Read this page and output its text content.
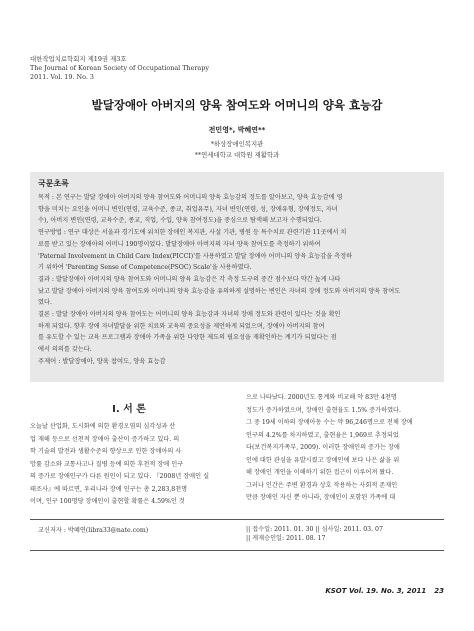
대한작업치료학회지 제19권 제3호
The Journal of Korean Society of Occupational Therapy
2011. Vol. 19. No. 3
발달장애아 아버지의 양육 참여도와 어머니의 양육 효능감
전민영*, 박혜연**
*하상장애인복지관
**연세대학교 대학원 재활학과
국문초록
목적 : 본 연구는 발달 장애아 아버지의 양육 참여도와 어머니의 양육 효능감의 정도를 알아보고, 양육 효능감에 영
향을 미치는 요인을 어머니 변인(연령, 교육수준, 종교, 취업유무), 자녀 변인(연령, 성, 장애유형, 장애정도, 자녀
수), 아버지 변인(연령, 교육수준, 종교, 직업, 수입, 양육 참여정도)을 중심으로 탐색해 보고자 수행되었다.
연구방법 : 연구 대상은 서울과 경기도에 위치한 장애인 복지관, 사설 기관, 병원 등 특수치료 관련기관 11곳에서 치
료를 받고 있는 장애아의 어머니 190명이었다. 발달장애아 아버지의 자녀 양육 참여도를 측정하기 위하여
'Paternal Involvement in Child Care Index(PICCI)'를 사용하였고 발달 장애아 어머니의 양육 효능감을 측정하
기 위하여 'Parenting Sense of Competence(PSOC) Scale'을 사용하였다.
결과 : 발달장애아 아버지의 양육 참여도와 어머니의 양육 효능감은 각 측정 도구의 중간 점수보다 약간 높게 나타
났고 발달 장애아 아버지의 양육 참여도와 어머니의 양육 효능감을 유의하게 설명하는 변인은 자녀의 장애 정도와 아버지의 양육 참여도
였다.
결론 : 발달 장애아 아버지의 양육 참여도는 어머니의 양육 효능감과 자녀의 장애 정도와 관련이 있다는 것을 확인
하게 되었다. 향후 장애 자녀발달을 위한 치료와 교육의 중요성을 제언하게 되었으며, 장애아 아버지의 참여
를 유도할 수 있는 교육 프로그램과 장애아 가족을 위한 다양한 제도의 필요성을 재확인하는 계기가 되었다는 점
에서 의의를 갖는다.
주제어 : 발달장애아, 양육 참여도, 양육 효능감
Ⅰ. 서 론
오늘날 산업화, 도시화에 의한 환경오염의 심각성과 산
업 재해 등으로 선천적 장애아 출산이 증가하고 있다. 의
학 기술의 발전과 생활수준의 향상으로 인한 장애아의 사
망률 감소와 교통사고나 질병 등에 의한 후천적 장애 인구
의 증가로 장애인구가 다른 원인이 되고 있다. 『2008년 장애인 실
태조사』에 따르면, 우리나라 장애 인구는 총 2,283,8천명
이며, 인구 100명당 장애인이 출현할 확률은 4.59%인 것
으로 나타났다. 2000년도 통계와 비교해 약 83만 4천명
정도가 증가하였으며, 장애인 출현율도 1.5% 증가하였다.
그 중 19세 이하의 장애아동 수는 약 96,246명으로 전체 장애
인구의 4.2%를 차지하였고, 출현율은 1,969로 추정되었
다(보건복지가족부, 2009). 이러한 장애인의 증가는 장애
인에 대한 관심을 유발시켰고 장애인에 보다 나은 삶을 위
해 장애인 개인을 이해하기 위한 접근이 이루어져 왔다.
그러나 인간은 주변 환경과 상호 작용하는 사회적 존재인
만큼 장애인 자신 뿐 아니라, 장애인이 포함된 가족에 대
교신저자 : 박혜연(libra33@nate.com)	|| 접수일: 2011. 01. 30 || 심사일: 2011. 03. 07
|| 게재승인일: 2011. 08. 17
KSOT Vol. 19. No. 3, 2011 23
